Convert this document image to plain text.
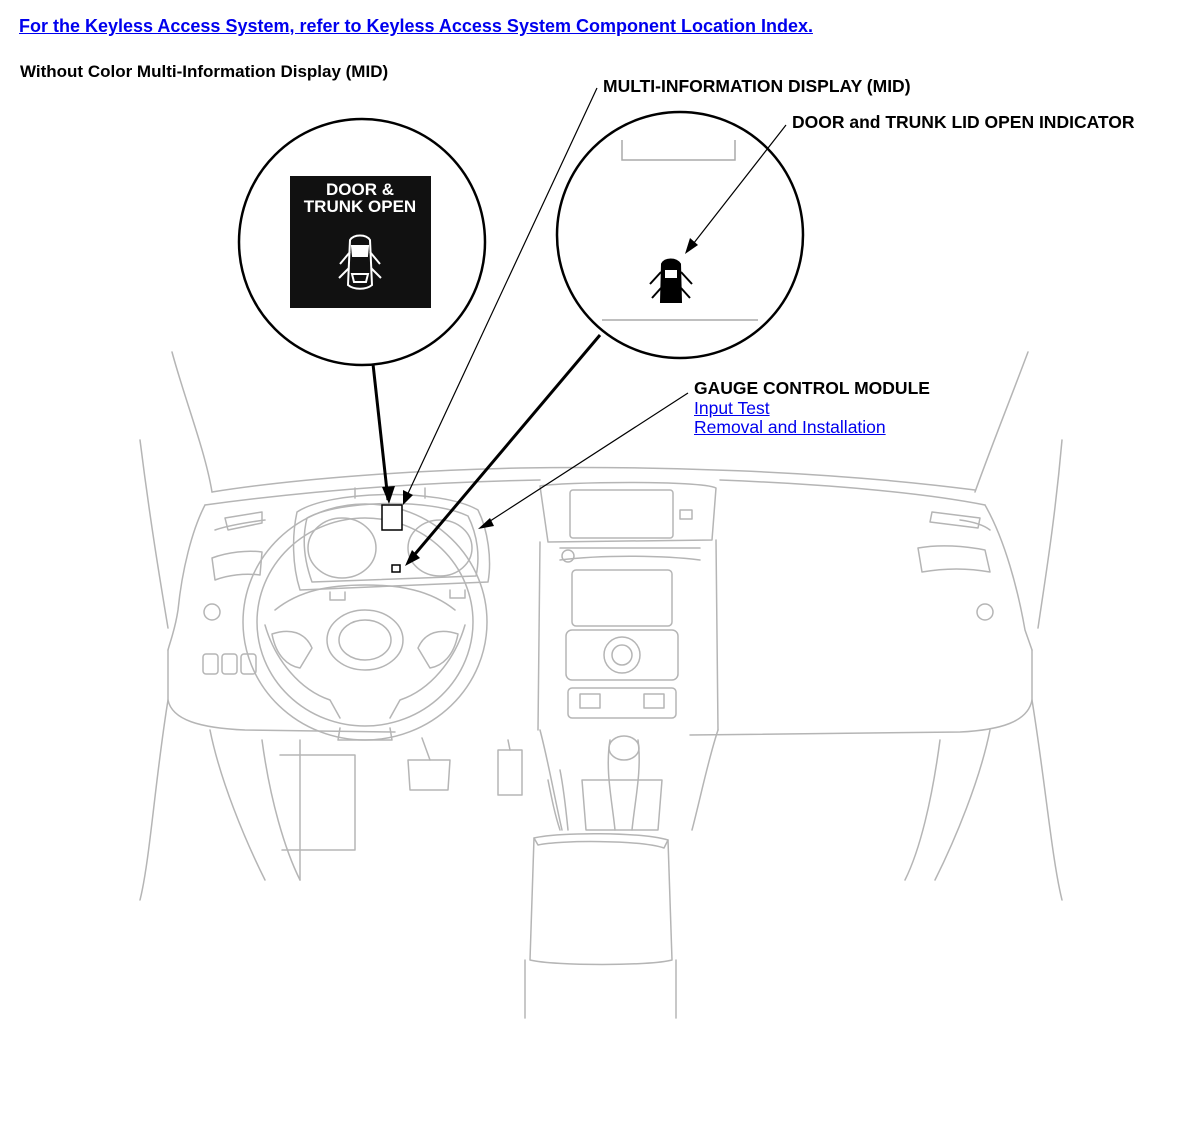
For the Keyless Access System, refer to Keyless Access System Component Location Index.
Without Color Multi-Information Display (MID)
DOOR &
TRUNK OPEN
MULTI-INFORMATION DISPLAY (MID)
DOOR and TRUNK LID OPEN INDICATOR
GAUGE CONTROL MODULE
Input Test
Removal and Installation
